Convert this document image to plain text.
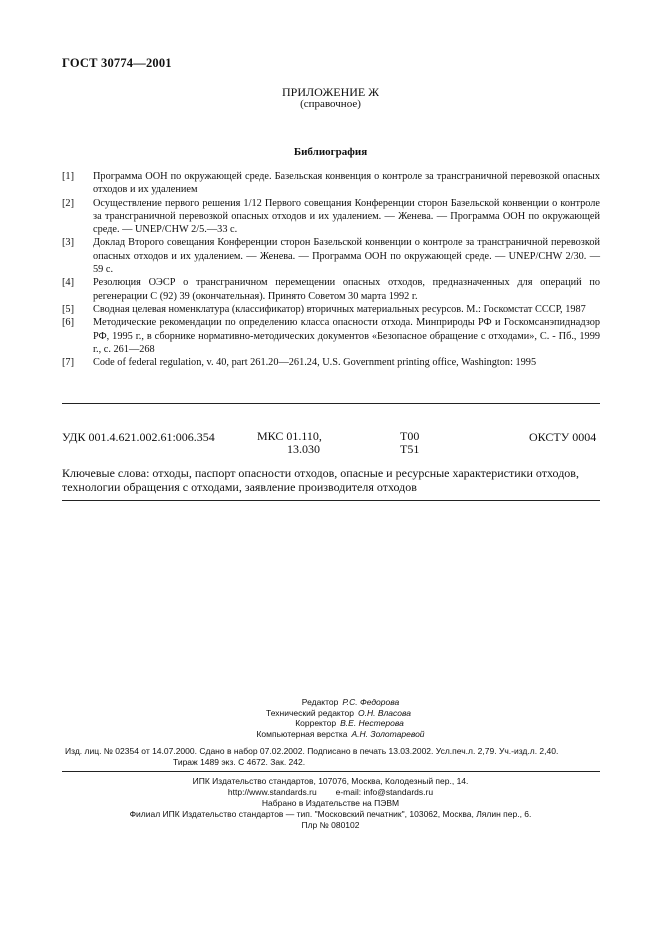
ГОСТ 30774—2001
ПРИЛОЖЕНИЕ Ж
(справочное)
Библиография
[1]	Программа ООН по окружающей среде. Базельская конвенция о контроле за трансграничной перевозкой опасных отходов и их удалением
[2]	Осуществление первого решения 1/12 Первого совещания Конференции сторон Базельской конвенции о контроле за трансграничной перевозкой опасных отходов и их удалением. — Женева. — Программа ООН по окружающей среде. — UNEP/CHW 2/5.—33 с.
[3]	Доклад Второго совещания Конференции сторон Базельской конвенции о контроле за трансграничной перевозкой опасных отходов и их удалением. — Женева. — Программа ООН по окружающей среде. — UNEP/CHW 2/30. — 59 с.
[4]	Резолюция ОЭСР о трансграничном перемещении опасных отходов, предназначенных для операций по регенерации С (92) 39 (окончательная). Принято Советом 30 марта 1992 г.
[5]	Сводная целевая номенклатура (классификатор) вторичных материальных ресурсов. М.: Госкомстат СССР, 1987
[6]	Методические рекомендации по определению класса опасности отхода. Минприроды РФ и Госкомсанэпиднадзор РФ, 1995 г., в сборнике нормативно-методических документов «Безопасное обращение с отходами», С. - Пб., 1999 г., с. 261—268
[7]	Code of federal regulation, v. 40, part 261.20—261.24, U.S. Government printing office, Washington: 1995
УДК 001.4.621.002.61:006.354	МКС 01.110,
13.030
Т00
Т51
ОКСТУ 0004
Ключевые слова: отходы, паспорт опасности отходов, опасные и ресурсные характеристики отходов, технологии обращения с отходами, заявление производителя отходов
Редактор Р.С. Федорова
Технический редактор О.Н. Власова
Корректор В.Е. Нестерова
Компьютерная верстка А.Н. Золотаревой
Изд. лиц. № 02354 от 14.07.2000. Сдано в набор 07.02.2002. Подписано в печать 13.03.2002. Усл.печ.л. 2,79. Уч.-изд.л. 2,40.
Тираж 1489 экз. С 4672. Зак. 242.
ИПК Издательство стандартов, 107076, Москва, Колодезный пер., 14.
http://www.standards.ru        e-mail: info@standards.ru
Набрано в Издательстве на ПЭВМ
Филиал ИПК Издательство стандартов — тип. "Московский печатник", 103062, Москва, Лялин пер., 6.
Плр № 080102
